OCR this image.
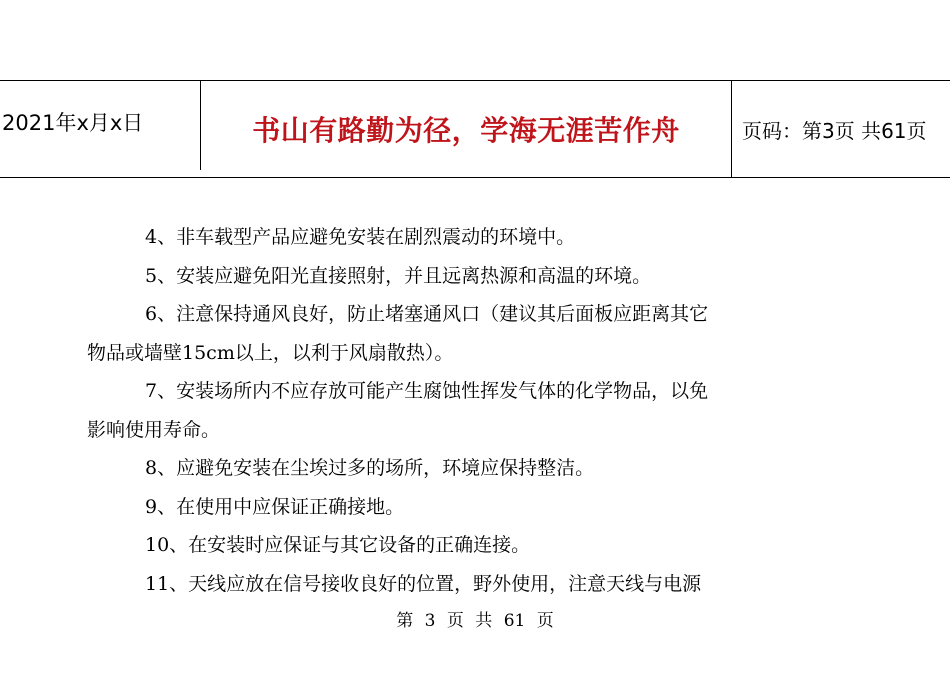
2021年x月x日	书山有路勤为径，学海无涯苦作舟	页码：第3页 共61页

4、非车载型产品应避免安装在剧烈震动的环境中。

5、安装应避免阳光直接照射，并且远离热源和高温的环境。

6、注意保持通风良好，防止堵塞通风口（建议其后面板应距离其它

物品或墙壁15cm以上，以利于风扇散热）。

7、安装场所内不应存放可能产生腐蚀性挥发气体的化学物品，以免

影响使用寿命。

8、应避免安装在尘埃过多的场所，环境应保持整洁。

9、在使用中应保证正确接地。

10、在安装时应保证与其它设备的正确连接。

11、天线应放在信号接收良好的位置，野外使用，注意天线与电源

第 3 页 共 61 页
